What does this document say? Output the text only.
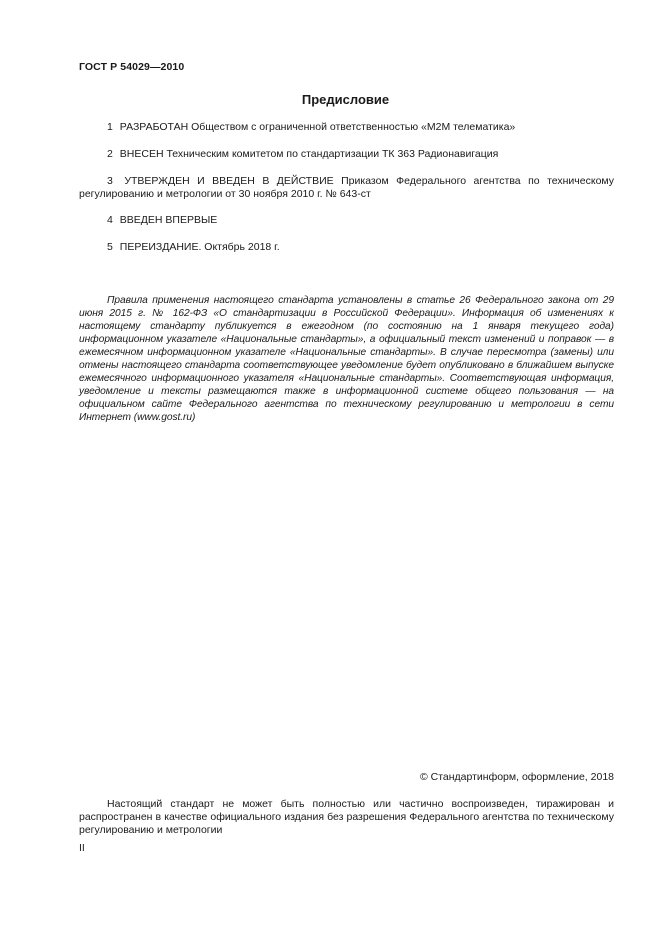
ГОСТ Р 54029—2010
Предисловие
1 РАЗРАБОТАН Обществом с ограниченной ответственностью «М2М телематика»
2 ВНЕСЕН Техническим комитетом по стандартизации ТК 363 Радионавигация
3 УТВЕРЖДЕН И ВВЕДЕН В ДЕЙСТВИЕ Приказом Федерального агентства по техническому регулированию и метрологии от 30 ноября 2010 г. № 643-ст
4 ВВЕДЕН ВПЕРВЫЕ
5 ПЕРЕИЗДАНИЕ. Октябрь 2018 г.
Правила применения настоящего стандарта установлены в статье 26 Федерального закона от 29 июня 2015 г. № 162-ФЗ «О стандартизации в Российской Федерации». Информация об изменениях к настоящему стандарту публикуется в ежегодном (по состоянию на 1 января текущего года) информационном указателе «Национальные стандарты», а официальный текст изменений и поправок — в ежемесячном информационном указателе «Национальные стандарты». В случае пересмотра (замены) или отмены настоящего стандарта соответствующее уведомление будет опубликовано в ближайшем выпуске ежемесячного информационного указателя «Национальные стандарты». Соответствующая информация, уведомление и тексты размещаются также в информационной системе общего пользования — на официальном сайте Федерального агентства по техническому регулированию и метрологии в сети Интернет (www.gost.ru)
© Стандартинформ, оформление, 2018
Настоящий стандарт не может быть полностью или частично воспроизведен, тиражирован и распространен в качестве официального издания без разрешения Федерального агентства по техническому регулированию и метрологии
II
